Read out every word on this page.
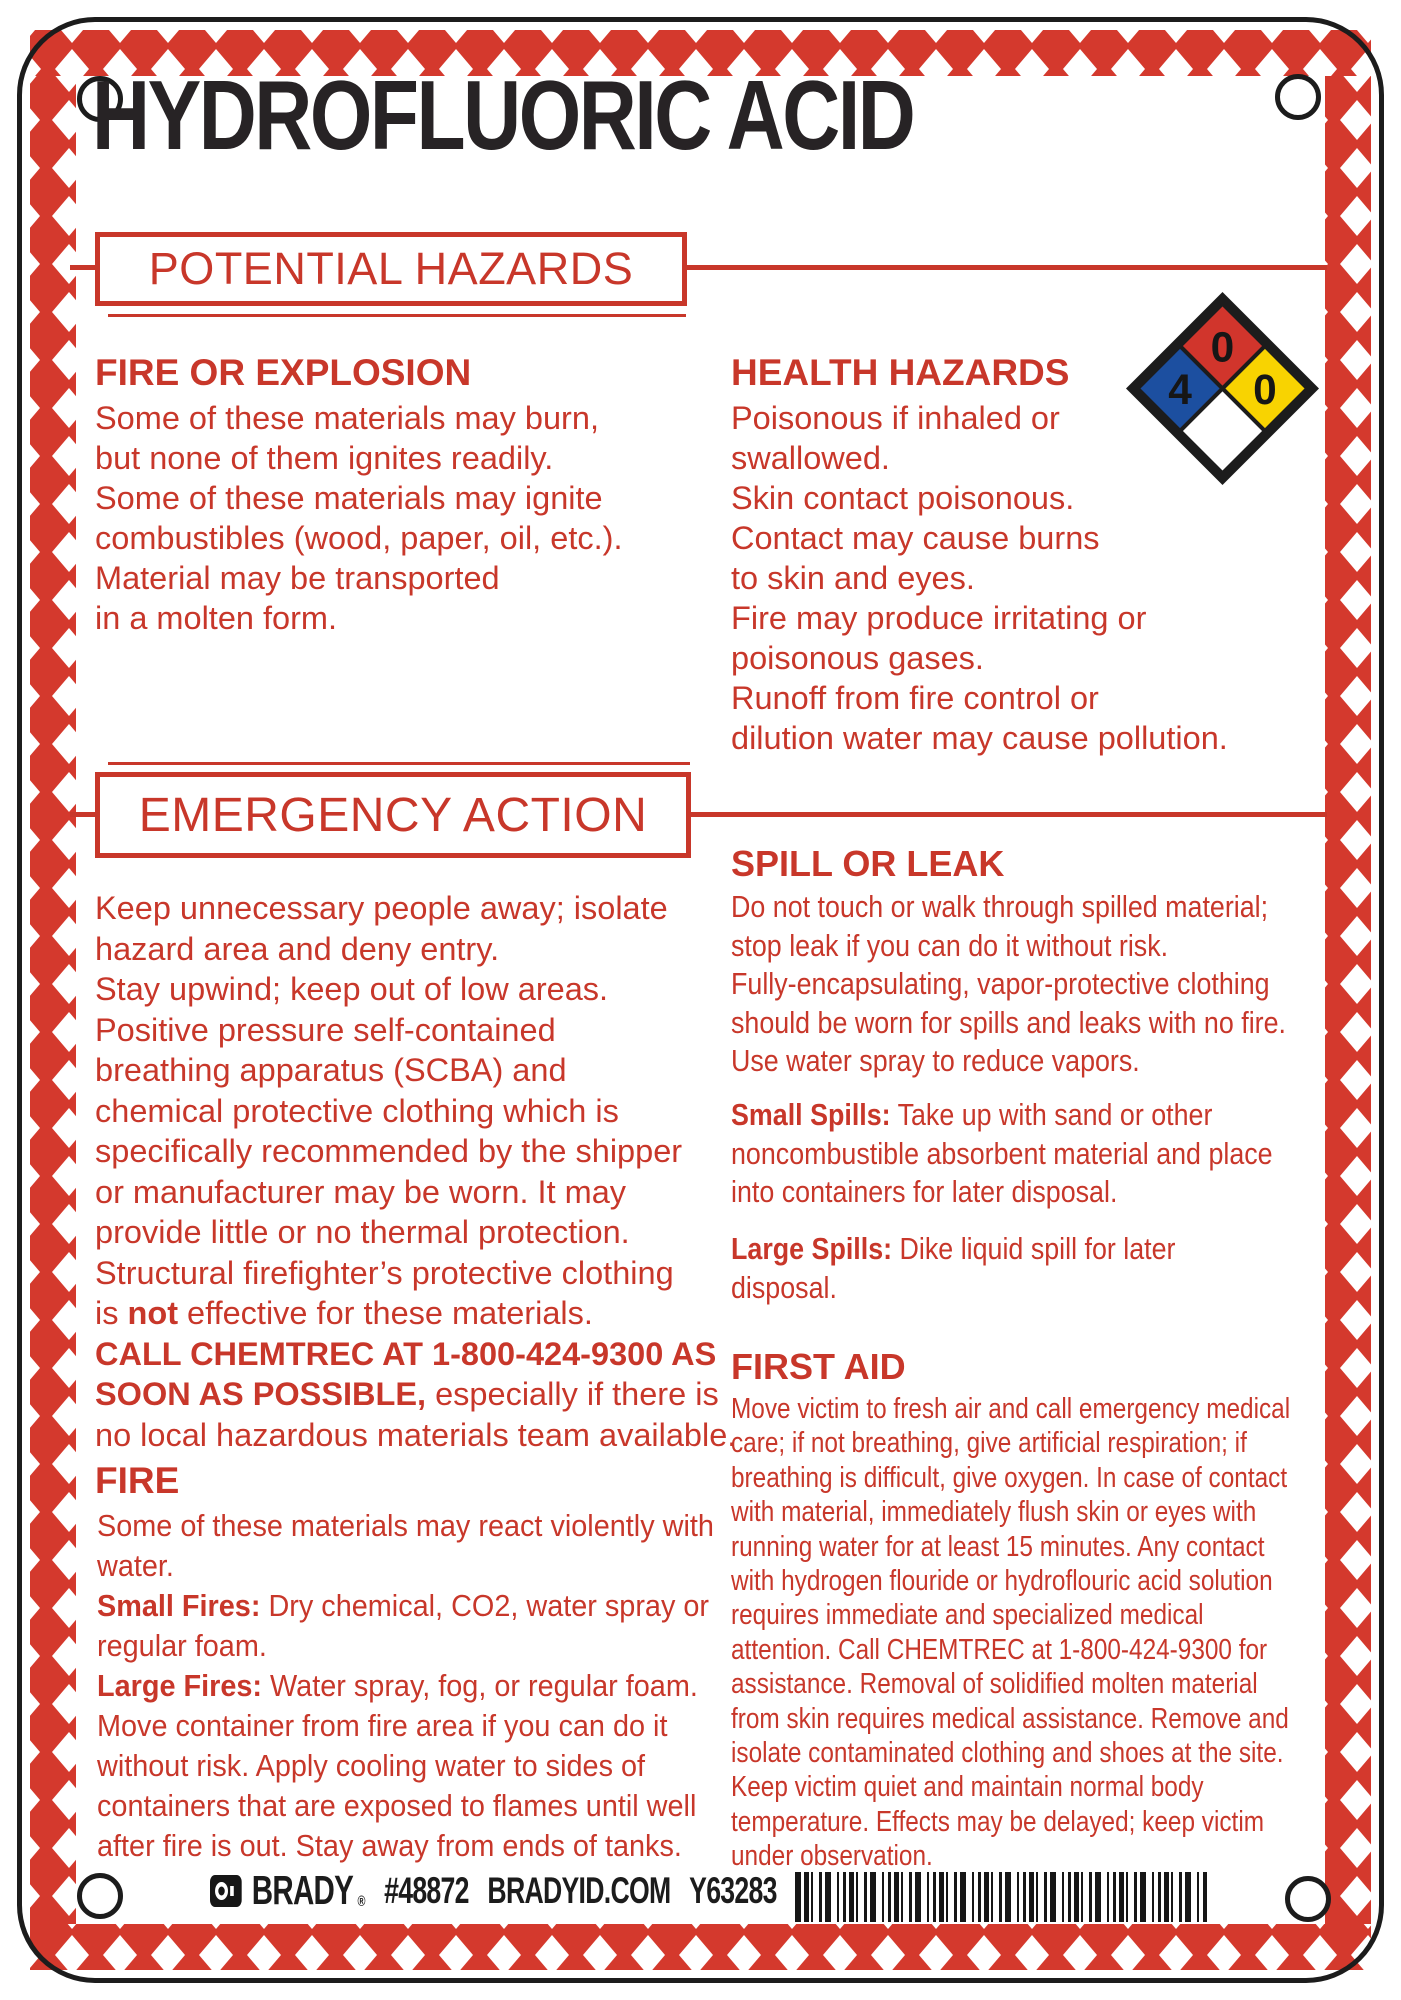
HYDROFLUORIC ACID
POTENTIAL HAZARDS
FIRE OR EXPLOSION
Some of these materials may burn,
but none of them ignites readily.
Some of these materials may ignite
combustibles (wood, paper, oil, etc.).
Material may be transported
in a molten form.
HEALTH HAZARDS
Poisonous if inhaled or
swallowed.
Skin contact poisonous.
Contact may cause burns
to skin and eyes.
Fire may produce irritating or
poisonous gases.
Runoff from fire control or
dilution water may cause pollution.
0
4	0
EMERGENCY ACTION
Keep unnecessary people away; isolate
hazard area and deny entry.
Stay upwind; keep out of low areas.
Positive pressure self-contained
breathing apparatus (SCBA) and
chemical protective clothing which is
specifically recommended by the shipper
or manufacturer may be worn. It may
provide little or no thermal protection.
Structural firefighter’s protective clothing
is not effective for these materials.
CALL CHEMTREC AT 1-800-424-9300 AS
SOON AS POSSIBLE, especially if there is
no local hazardous materials team available.
FIRE
Some of these materials may react violently with
water.
Small Fires: Dry chemical, CO2, water spray or
regular foam.
Large Fires: Water spray, fog, or regular foam.
Move container from fire area if you can do it
without risk. Apply cooling water to sides of
containers that are exposed to flames until well
after fire is out. Stay away from ends of tanks.
SPILL OR LEAK
Do not touch or walk through spilled material;
stop leak if you can do it without risk.
Fully-encapsulating, vapor-protective clothing
should be worn for spills and leaks with no fire.
Use water spray to reduce vapors.
Small Spills: Take up with sand or other
noncombustible absorbent material and place
into containers for later disposal.
Large Spills: Dike liquid spill for later
disposal.
FIRST AID
Move victim to fresh air and call emergency medical
care; if not breathing, give artificial respiration; if
breathing is difficult, give oxygen. In case of contact
with material, immediately flush skin or eyes with
running water for at least 15 minutes. Any contact
with hydrogen flouride or hydroflouric acid solution
requires immediate and specialized medical
attention. Call CHEMTREC at 1-800-424-9300 for
assistance. Removal of solidified molten material
from skin requires medical assistance. Remove and
isolate contaminated clothing and shoes at the site.
Keep victim quiet and maintain normal body
temperature. Effects may be delayed; keep victim
under observation.
BRADY ® #48872 BRADYID.COM Y63283
